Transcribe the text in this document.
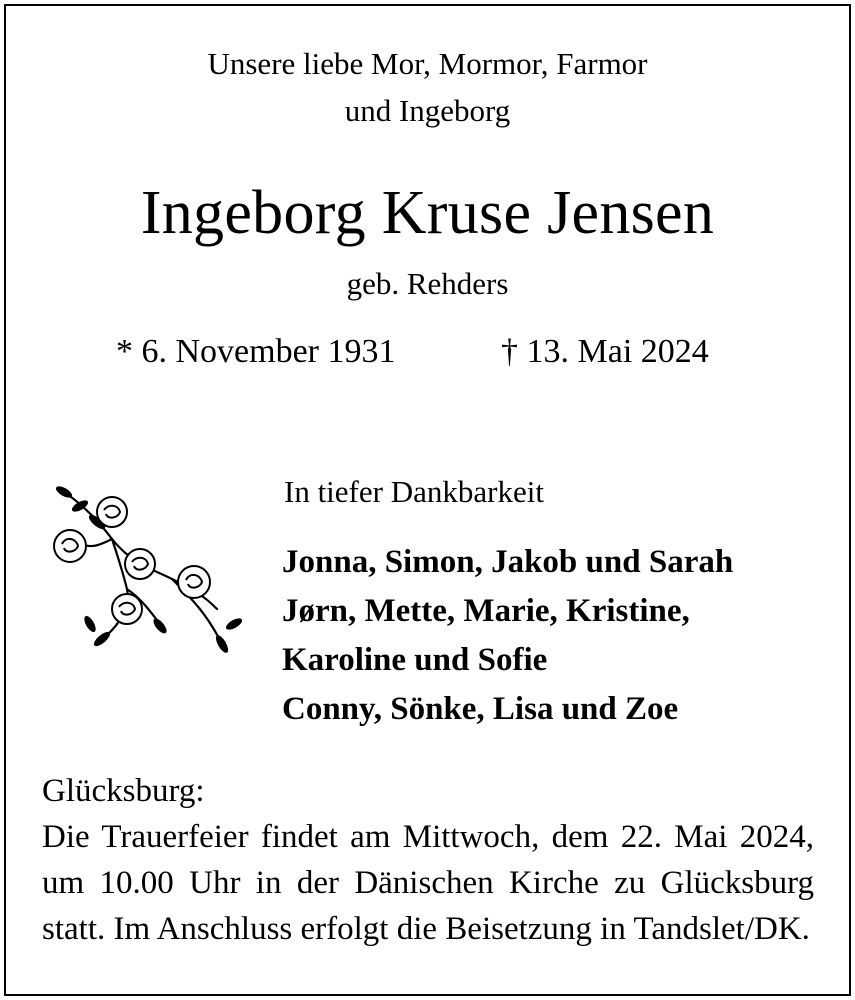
Unsere liebe Mor, Mormor, Farmor
und Ingeborg
Ingeborg Kruse Jensen
geb. Rehders
* 6. November 1931	† 13. Mai 2024
In tiefer Dankbarkeit
Jonna, Simon, Jakob und Sarah
Jørn, Mette, Marie, Kristine,
Karoline und Sofie
Conny, Sönke, Lisa und Zoe
Glücksburg:
Die Trauerfeier findet am Mittwoch, dem 22. Mai 2024, um 10.00 Uhr in der Dänischen Kirche zu Glücksburg statt. Im Anschluss erfolgt die Beisetzung in Tandslet/DK.
